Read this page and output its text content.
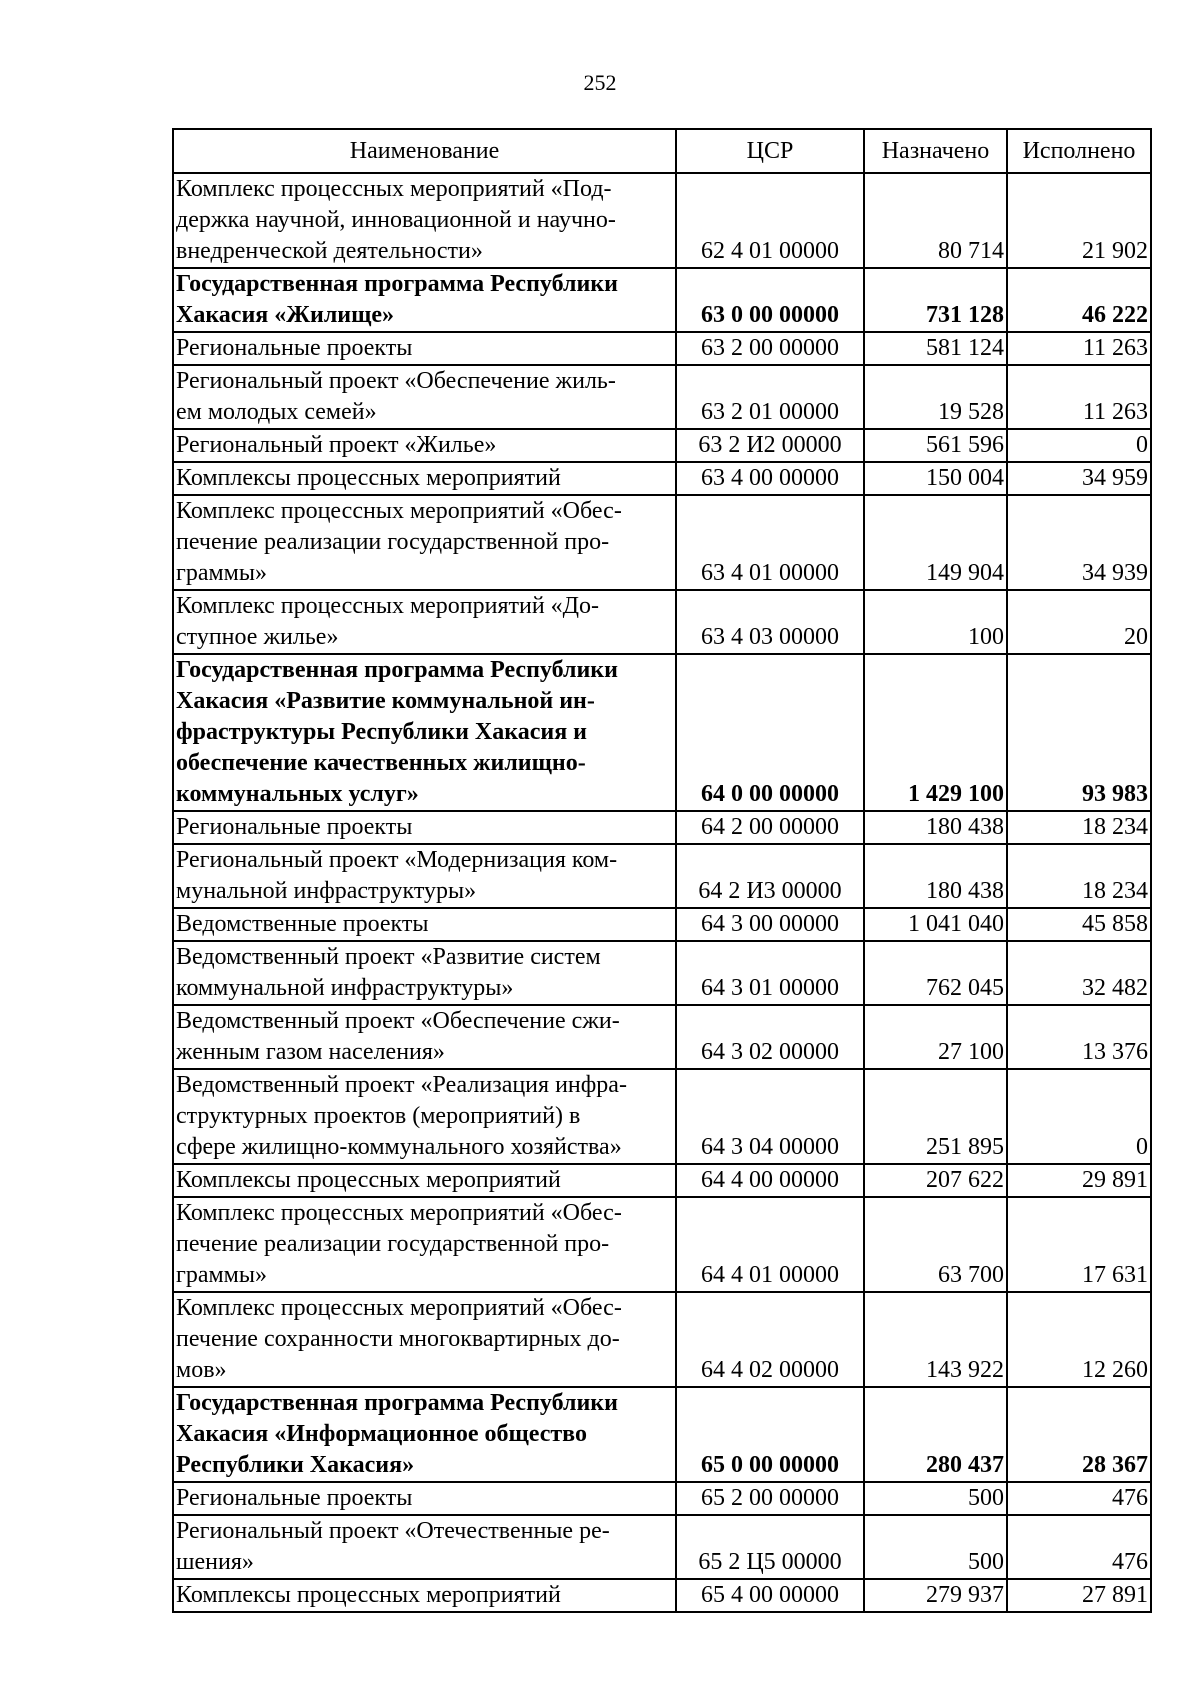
252
Наименование	ЦСР	Назначено	Исполнено
Комплекс процессных мероприятий «Под-
держка научной, инновационной и научно-
внедренческой деятельности»	62 4 01 00000	80 714	21 902
Государственная программа Республики
Хакасия «Жилище»	63 0 00 00000	731 128	46 222
Региональные проекты	63 2 00 00000	581 124	11 263
Региональный проект «Обеспечение жиль-
ем молодых семей»	63 2 01 00000	19 528	11 263
Региональный проект «Жилье»	63 2 И2 00000	561 596	0
Комплексы процессных мероприятий	63 4 00 00000	150 004	34 959
Комплекс процессных мероприятий «Обес-
печение реализации государственной про-
граммы»	63 4 01 00000	149 904	34 939
Комплекс процессных мероприятий «До-
ступное жилье»	63 4 03 00000	100	20
Государственная программа Республики
Хакасия «Развитие коммунальной ин-
фраструктуры Республики Хакасия и
обеспечение качественных жилищно-
коммунальных услуг»	64 0 00 00000	1 429 100	93 983
Региональные проекты	64 2 00 00000	180 438	18 234
Региональный проект «Модернизация ком-
мунальной инфраструктуры»	64 2 И3 00000	180 438	18 234
Ведомственные проекты	64 3 00 00000	1 041 040	45 858
Ведомственный проект «Развитие систем
коммунальной инфраструктуры»	64 3 01 00000	762 045	32 482
Ведомственный проект «Обеспечение сжи-
женным газом населения»	64 3 02 00000	27 100	13 376
Ведомственный проект «Реализация инфра-
структурных проектов (мероприятий) в
сфере жилищно-коммунального хозяйства»	64 3 04 00000	251 895	0
Комплексы процессных мероприятий	64 4 00 00000	207 622	29 891
Комплекс процессных мероприятий «Обес-
печение реализации государственной про-
граммы»	64 4 01 00000	63 700	17 631
Комплекс процессных мероприятий «Обес-
печение сохранности многоквартирных до-
мов»	64 4 02 00000	143 922	12 260
Государственная программа Республики
Хакасия «Информационное общество
Республики Хакасия»	65 0 00 00000	280 437	28 367
Региональные проекты	65 2 00 00000	500	476
Региональный проект «Отечественные ре-
шения»	65 2 Ц5 00000	500	476
Комплексы процессных мероприятий	65 4 00 00000	279 937	27 891
